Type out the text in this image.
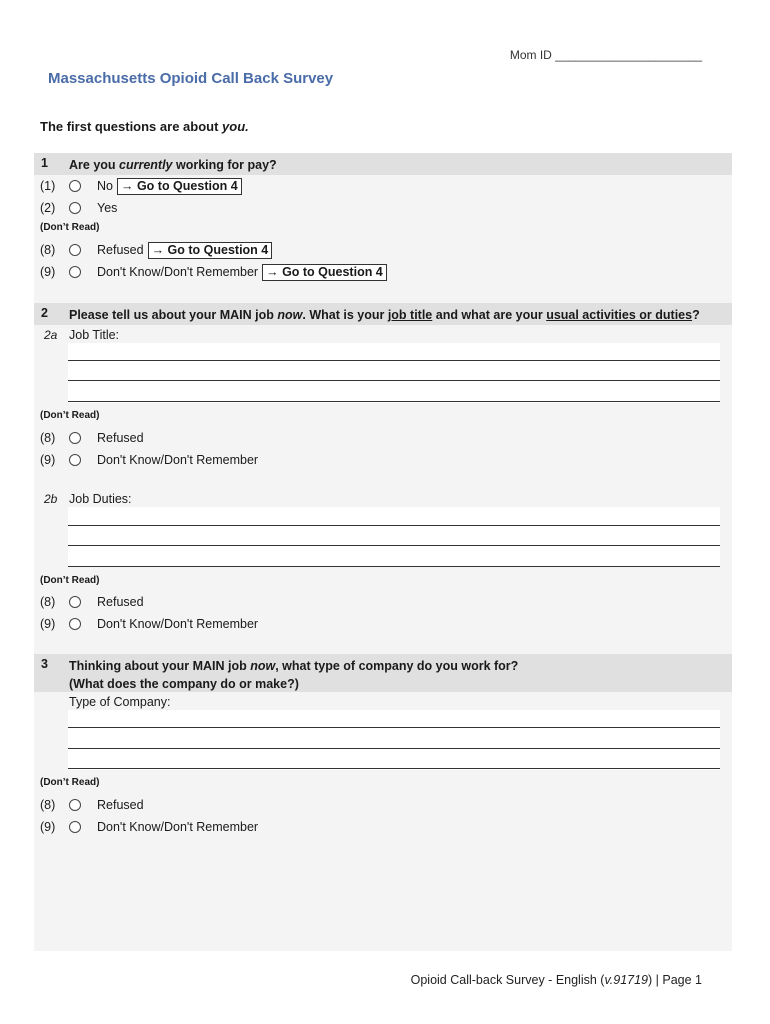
Mom ID ______________________
Massachusetts Opioid Call Back Survey
The first questions are about you.
1 Are you currently working for pay?
(1)	No → Go to Question 4
(2)	Yes
(Don’t Read)
(8)	Refused → Go to Question 4
(9)	Don't Know/Don't Remember → Go to Question 4
2 Please tell us about your MAIN job now. What is your job title and what are your usual activities or duties?
2a Job Title:
(Don’t Read)
(8)	Refused
(9)	Don't Know/Don't Remember
2b Job Duties:
(Don’t Read)
(8)	Refused
(9)	Don't Know/Don't Remember
3 Thinking about your MAIN job now, what type of company do you work for?
(What does the company do or make?)
Type of Company:
(Don’t Read)
(8)	Refused
(9)	Don't Know/Don't Remember
Opioid Call-back Survey - English (v.91719) | Page 1
